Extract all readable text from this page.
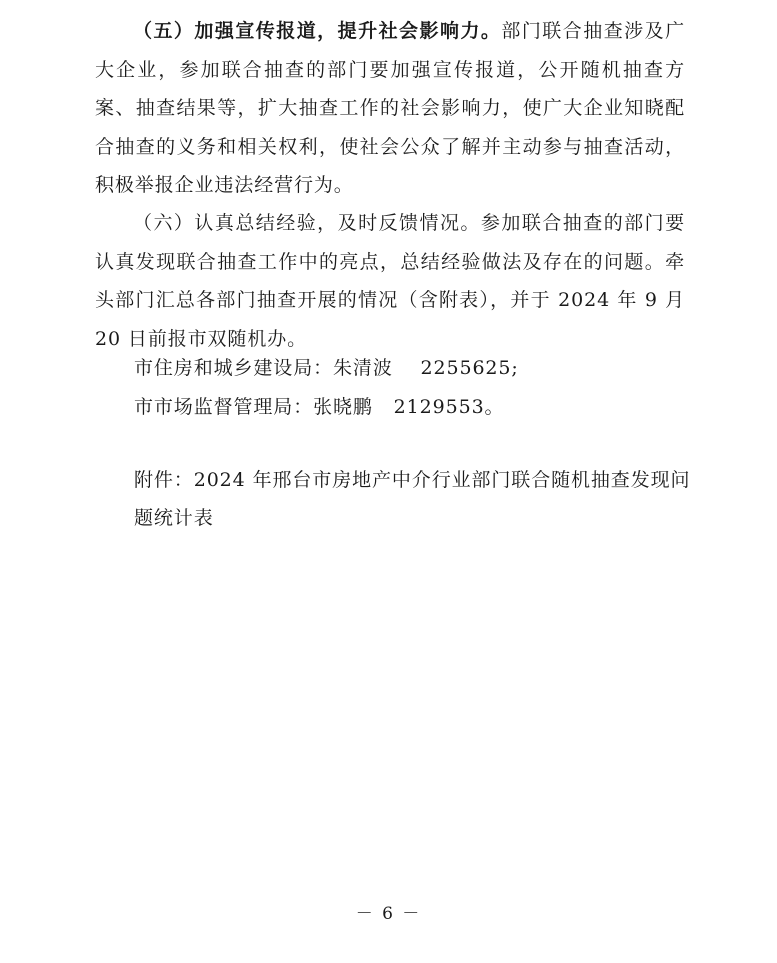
（五）加强宣传报道，提升社会影响力。部门联合抽查涉及广大企业，参加联合抽查的部门要加强宣传报道，公开随机抽查方案、抽查结果等，扩大抽查工作的社会影响力，使广大企业知晓配合抽查的义务和相关权利，使社会公众了解并主动参与抽查活动，积极举报企业违法经营行为。

（六）认真总结经验，及时反馈情况。参加联合抽查的部门要认真发现联合抽查工作中的亮点，总结经验做法及存在的问题。牵头部门汇总各部门抽查开展的情况（含附表），并于 2024 年 9 月 20 日前报市双随机办。

市住房和城乡建设局：朱清波 2255625;

市市场监督管理局：张晓鹏 2129553。

附件：2024 年邢台市房地产中介行业部门联合随机抽查发现问题统计表

－ 6 －
